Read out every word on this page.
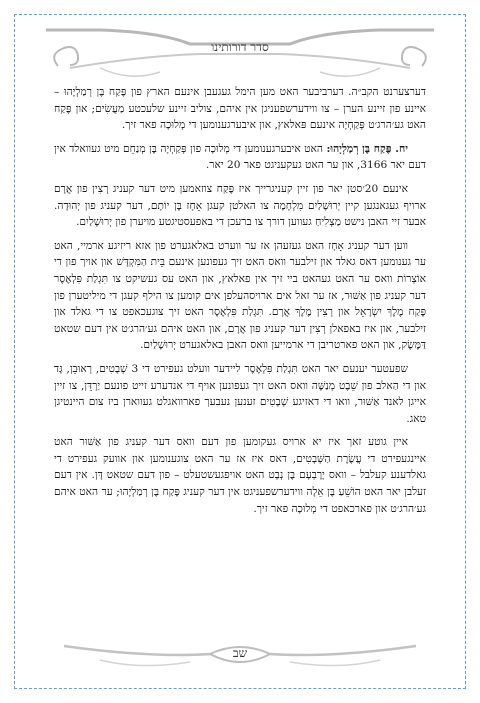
סדר דורותינו

דערצערנט הקב״ה. דערביבער האט מען הימל געגעבן אינעם הארץ פון פֶּקַח בֶּן רְמַלְיָהוּ – איינע פון זיינע הערן – צו ווידערשפעניגן אין איהם, צוליב זיינע שלעכטע מַעֲשִׂים; און פֶּקַח האט גע׳הרג׳ט פְּקַחְיָה אינעם פּאלאץ, און איבערגענומען די מְלוּכָה פאר זיך.

יח. פֶּקַח בֶּן רְמַלְיָהוּ: האט איבערגענומען די מְלוּכָה פון פְּקַחְיָה בֶּן מְנַחֵם מיט געוואלד אין דעם יאר 3166, און ער האט געקעניגט פאר 20 יאר.

אינעם 20׳סטן יאר פון זיין קעניגרייך איז פֶּקַח צוזאמען מיט דער קעניג רְצִין פון אֲרָם ארויף געגאנגען קיין יְרוּשָׁלַיִם מִלְחָמָה צו האלטן קעגן אָחָז בֶּן יוֹתָם, דער קעניג פון יְהוּדָה. אבער זיי האבן נישט מַצְלִיחַ געווען דורך צו ברעכן די באפעסטיגטע מויערן פון יְרוּשָׁלַיִם.

ווען דער קעניג אָחָז האט געזעהן אז ער ווערט באלאגערט פון אזא ריזיגע ארמיי, האט ער גענומען דאס גאלד און זילבער וואס האט זיך געפונען אינעם בֵּית הַמִּקְדָּשׁ און אויך פון די אוֹצְרוֹת וואס ער האט געהאט ביי זיך אין פאלאץ, און האט עס געשיקט צו תִּגְלַת פִּלְאֶסֶר דער קעניג פון אַשּׁוּר, אז ער זאל אים ארויסהעלפן אים קומען צו הילף קעגן די מיליטערן פון פֶּקַח מֶלֶךְ יִשְׂרָאֵל און רְצִין מֶלֶךְ אֲרָם. תִּגְלַת פִּלְאֶסֶר האט זיך צוגעכאפט צו די גאלד און זילבער, און איז באפאלן רְצִין דער קעניג פון אֲרָם, און האט איהם גע׳הרג׳ט אין דעם שטאט דַּמֶּשֶׂק, און האט פארטריבן די ארמייען וואס האבן באלאגערט יְרוּשָׁלַיִם.

שפעטער יענעם יאר האט תִּגְלַת פִּלְאֶסֶר ליידער וועלט געפירט די 3 שְׁבָטִים, רְאוּבֵן, גָּד און די הַאלב פון שֵׁבֶט מְנַשֶּׁה וואס האט זיך געפונען אויף די אנדערע זייט פונעם יַרְדֵּן, צו זיין אייגן לאנד אַשּׁוּר, וואו די דאזיגע שְׁבָטִים זענען נעבעך פארוואגלט געווארן ביז צום היינטיגן טאג.

איין גוטע זאך איז יא ארויס געקומען פון דעם וואס דער קעניג פון אַשּׁוּר האט איינגעפירט די עֲשֶׂרֶת הַשְּׁבָטִים, דאס איז אז ער האט צוגענומען און אוועק געפירט די גאלדענע קעלבל – וואס יָרָבְעָם בֶּן נְבָט האט אויפגעשטעלט – פון דעם שטאט דָּן. אין דעם זעלבן יאר האט הוֹשֵׁעַ בֶּן אֵלָה ווידערשפעניגט אין דער קעניג פֶּקַח בֶּן רְמַלְיָהוּ; ער האט איהם גע׳הרג׳ט און פארכאפט די מְלוּכָה פאר זיך.

שב
